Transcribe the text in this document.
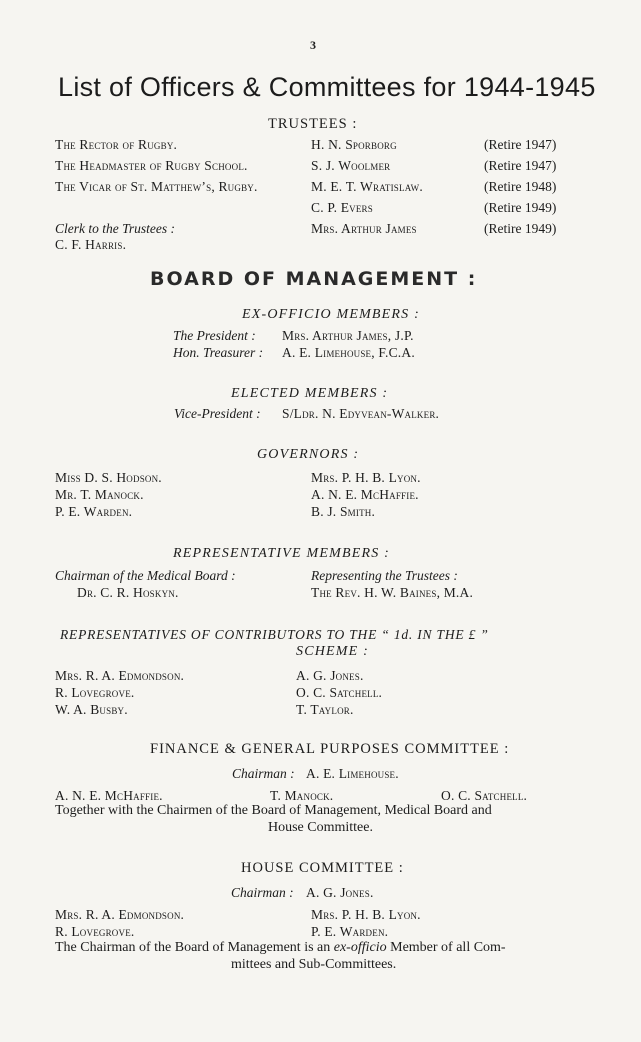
3
List of Officers & Committees for 1944-1945
TRUSTEES :
The Rector of Rugby.
The Headmaster of Rugby School.
The Vicar of St. Matthew’s, Rugby.
H. N. Sporborg
S. J. Woolmer
M. E. T. Wratislaw.
C. P. Evers
Mrs. Arthur James
(Retire 1947)
(Retire 1947)
(Retire 1948)
(Retire 1949)
(Retire 1949)
Clerk to the Trustees :
C. F. Harris.
BOARD OF MANAGEMENT :
EX-OFFICIO MEMBERS :
The President : Mrs. Arthur James, J.P.
Hon. Treasurer : A. E. Limehouse, F.C.A.
ELECTED MEMBERS :
Vice-President : S/Ldr. N. Edyvean-Walker.
GOVERNORS :
Miss D. S. Hodson.
Mr. T. Manock.
P. E. Warden.
Mrs. P. H. B. Lyon.
A. N. E. McHaffie.
B. J. Smith.
REPRESENTATIVE MEMBERS :
Chairman of the Medical Board :
Dr. C. R. Hoskyn.
Representing the Trustees :
The Rev. H. W. Baines, M.A.
REPRESENTATIVES OF CONTRIBUTORS TO THE “ 1d. IN THE £ ”
SCHEME :
Mrs. R. A. Edmondson.
R. Lovegrove.
W. A. Busby.
A. G. Jones.
O. C. Satchell.
T. Taylor.
FINANCE & GENERAL PURPOSES COMMITTEE :
Chairman : A. E. Limehouse.
A. N. E. McHaffie.	T. Manock.	O. C. Satchell.
Together with the Chairmen of the Board of Management, Medical Board and
House Committee.
HOUSE COMMITTEE :
Chairman : A. G. Jones.
Mrs. R. A. Edmondson.
R. Lovegrove.
Mrs. P. H. B. Lyon.
P. E. Warden.
The Chairman of the Board of Management is an ex-officio Member of all Com-
mittees and Sub-Committees.
